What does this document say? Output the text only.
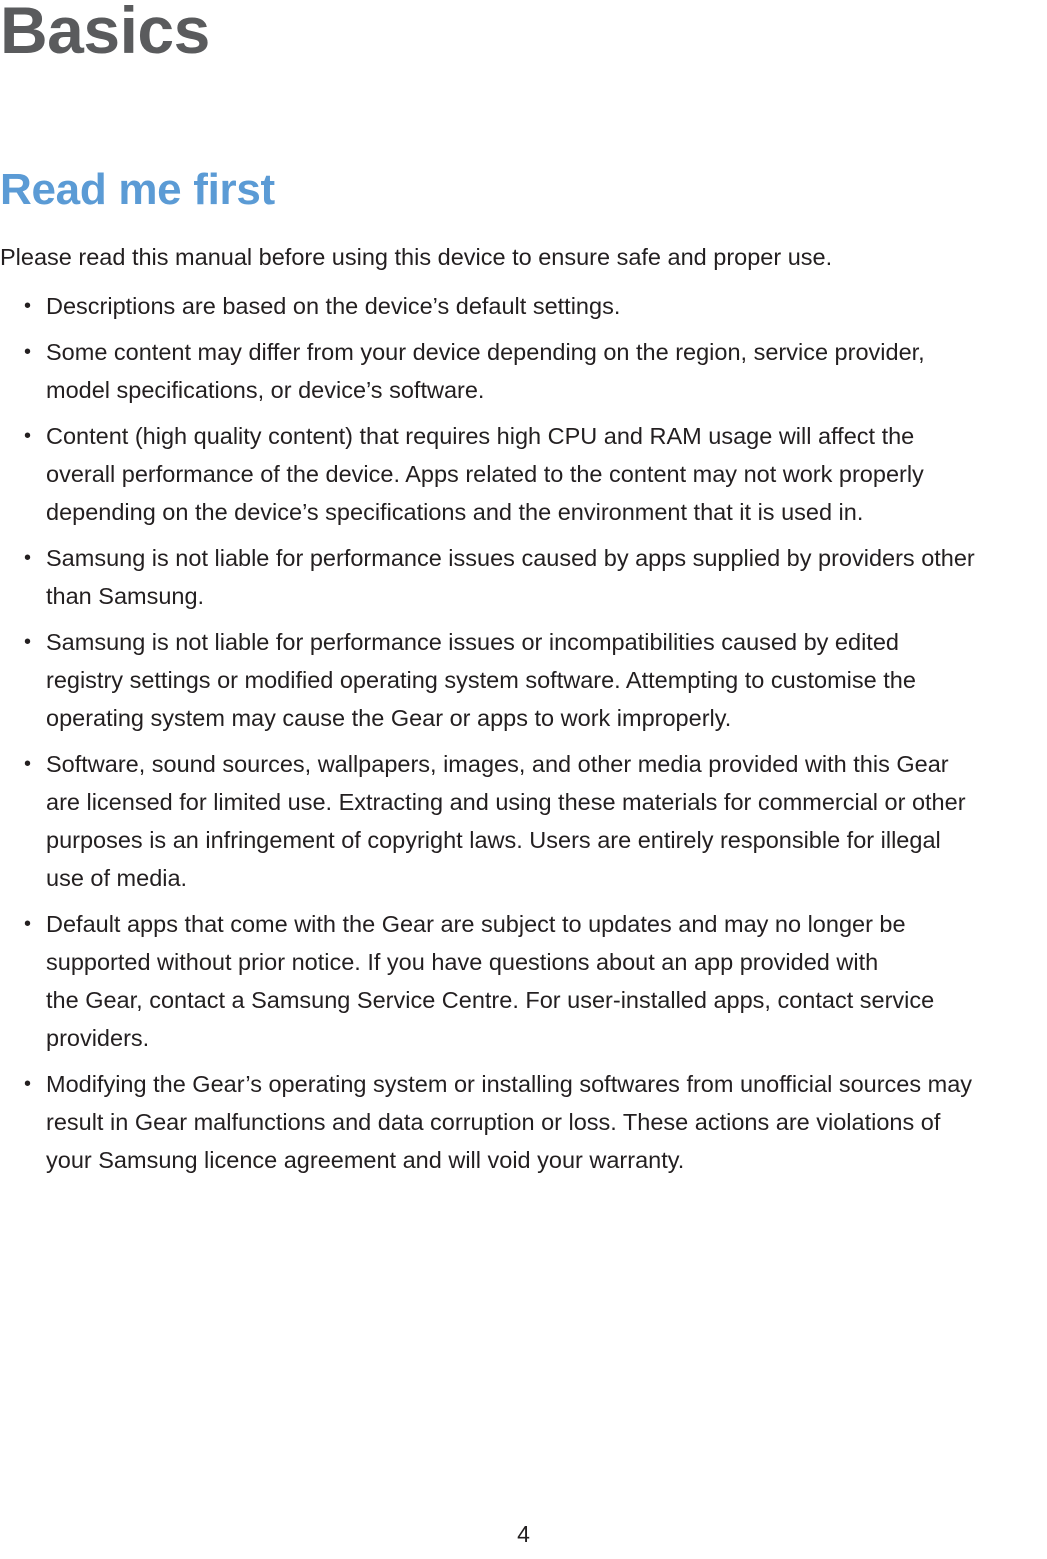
Basics
Read me first

Please read this manual before using this device to ensure safe and proper use.

• Descriptions are based on the device’s default settings.
• Some content may differ from your device depending on the region, service provider,
model specifications, or device’s software.
• Content (high quality content) that requires high CPU and RAM usage will affect the
overall performance of the device. Apps related to the content may not work properly
depending on the device’s specifications and the environment that it is used in.
• Samsung is not liable for performance issues caused by apps supplied by providers other
than Samsung.
• Samsung is not liable for performance issues or incompatibilities caused by edited
registry settings or modified operating system software. Attempting to customise the
operating system may cause the Gear or apps to work improperly.
• Software, sound sources, wallpapers, images, and other media provided with this Gear
are licensed for limited use. Extracting and using these materials for commercial or other
purposes is an infringement of copyright laws. Users are entirely responsible for illegal
use of media.
• Default apps that come with the Gear are subject to updates and may no longer be
supported without prior notice. If you have questions about an app provided with
the Gear, contact a Samsung Service Centre. For user-installed apps, contact service
providers.
• Modifying the Gear’s operating system or installing softwares from unofficial sources may
result in Gear malfunctions and data corruption or loss. These actions are violations of
your Samsung licence agreement and will void your warranty.
4
